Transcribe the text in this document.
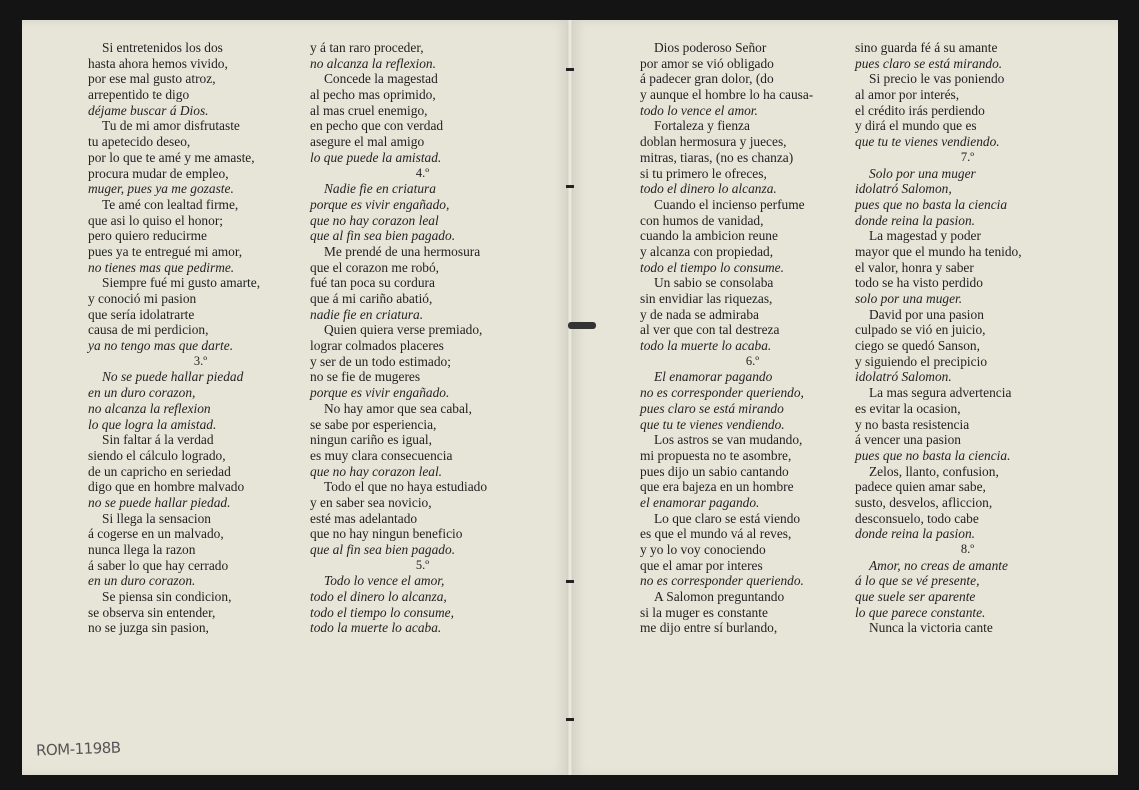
Si entretenidos los dos
hasta ahora hemos vivido,
por ese mal gusto atroz,
arrepentido te digo
déjame buscar á Dios.
Tu de mi amor disfrutaste
tu apetecido deseo,
por lo que te amé y me amaste,
procura mudar de empleo,
muger, pues ya me gozaste.
Te amé con lealtad firme,
que asi lo quiso el honor;
pero quiero reducirme
pues ya te entregué mi amor,
no tienes mas que pedirme.
Siempre fué mi gusto amarte,
y conoció mi pasion
que sería idolatrarte
causa de mi perdicion,
ya no tengo mas que darte.
3.º
No se puede hallar piedad
en un duro corazon,
no alcanza la reflexion
lo que logra la amistad.
Sin faltar á la verdad
siendo el cálculo logrado,
de un capricho en seriedad
digo que en hombre malvado
no se puede hallar piedad.
Si llega la sensacion
á cogerse en un malvado,
nunca llega la razon
á saber lo que hay cerrado
en un duro corazon.
Se piensa sin condicion,
se observa sin entender,
no se juzga sin pasion,
y á tan raro proceder,
no alcanza la reflexion.
Concede la magestad
al pecho mas oprimido,
al mas cruel enemigo,
en pecho que con verdad
asegure el mal amigo
lo que puede la amistad.
4.º
Nadie fie en criatura
porque es vivir engañado,
que no hay corazon leal
que al fin sea bien pagado.
Me prendé de una hermosura
que el corazon me robó,
fué tan poca su cordura
que á mi cariño abatió,
nadie fie en criatura.
Quien quiera verse premiado,
lograr colmados placeres
y ser de un todo estimado;
no se fie de mugeres
porque es vivir engañado.
No hay amor que sea cabal,
se sabe por esperiencia,
ningun cariño es igual,
es muy clara consecuencia
que no hay corazon leal.
Todo el que no haya estudiado
y en saber sea novicio,
esté mas adelantado
que no hay ningun beneficio
que al fin sea bien pagado.
5.º
Todo lo vence el amor,
todo el dinero lo alcanza,
todo el tiempo lo consume,
todo la muerte lo acaba.
Dios poderoso Señor
por amor se vió obligado
á padecer gran dolor, (do
y aunque el hombre lo ha causa-
todo lo vence el amor.
Fortaleza y fienza
doblan hermosura y jueces,
mitras, tiaras, (no es chanza)
si tu primero le ofreces,
todo el dinero lo alcanza.
Cuando el incienso perfume
con humos de vanidad,
cuando la ambicion reune
y alcanza con propiedad,
todo el tiempo lo consume.
Un sabio se consolaba
sin envidiar las riquezas,
y de nada se admiraba
al ver que con tal destreza
todo la muerte lo acaba.
6.º
El enamorar pagando
no es corresponder queriendo,
pues claro se está mirando
que tu te vienes vendiendo.
Los astros se van mudando,
mi propuesta no te asombre,
pues dijo un sabio cantando
que era bajeza en un hombre
el enamorar pagando.
Lo que claro se está viendo
es que el mundo vá al reves,
y yo lo voy conociendo
que el amar por interes
no es corresponder queriendo.
A Salomon preguntando
si la muger es constante
me dijo entre sí burlando,
sino guarda fé á su amante
pues claro se está mirando.
Si precio le vas poniendo
al amor por interés,
el crédito irás perdiendo
y dirá el mundo que es
que tu te vienes vendiendo.
7.º
Solo por una muger
idolatró Salomon,
pues que no basta la ciencia
donde reina la pasion.
La magestad y poder
mayor que el mundo ha tenido,
el valor, honra y saber
todo se ha visto perdido
solo por una muger.
David por una pasion
culpado se vió en juicio,
ciego se quedó Sanson,
y siguiendo el precipicio
idolatró Salomon.
La mas segura advertencia
es evitar la ocasion,
y no basta resistencia
á vencer una pasion
pues que no basta la ciencia.
Zelos, llanto, confusion,
padece quien amar sabe,
susto, desvelos, afliccion,
desconsuelo, todo cabe
donde reina la pasion.
8.º
Amor, no creas de amante
á lo que se vé presente,
que suele ser aparente
lo que parece constante.
Nunca la victoria cante
ROM-1198B
